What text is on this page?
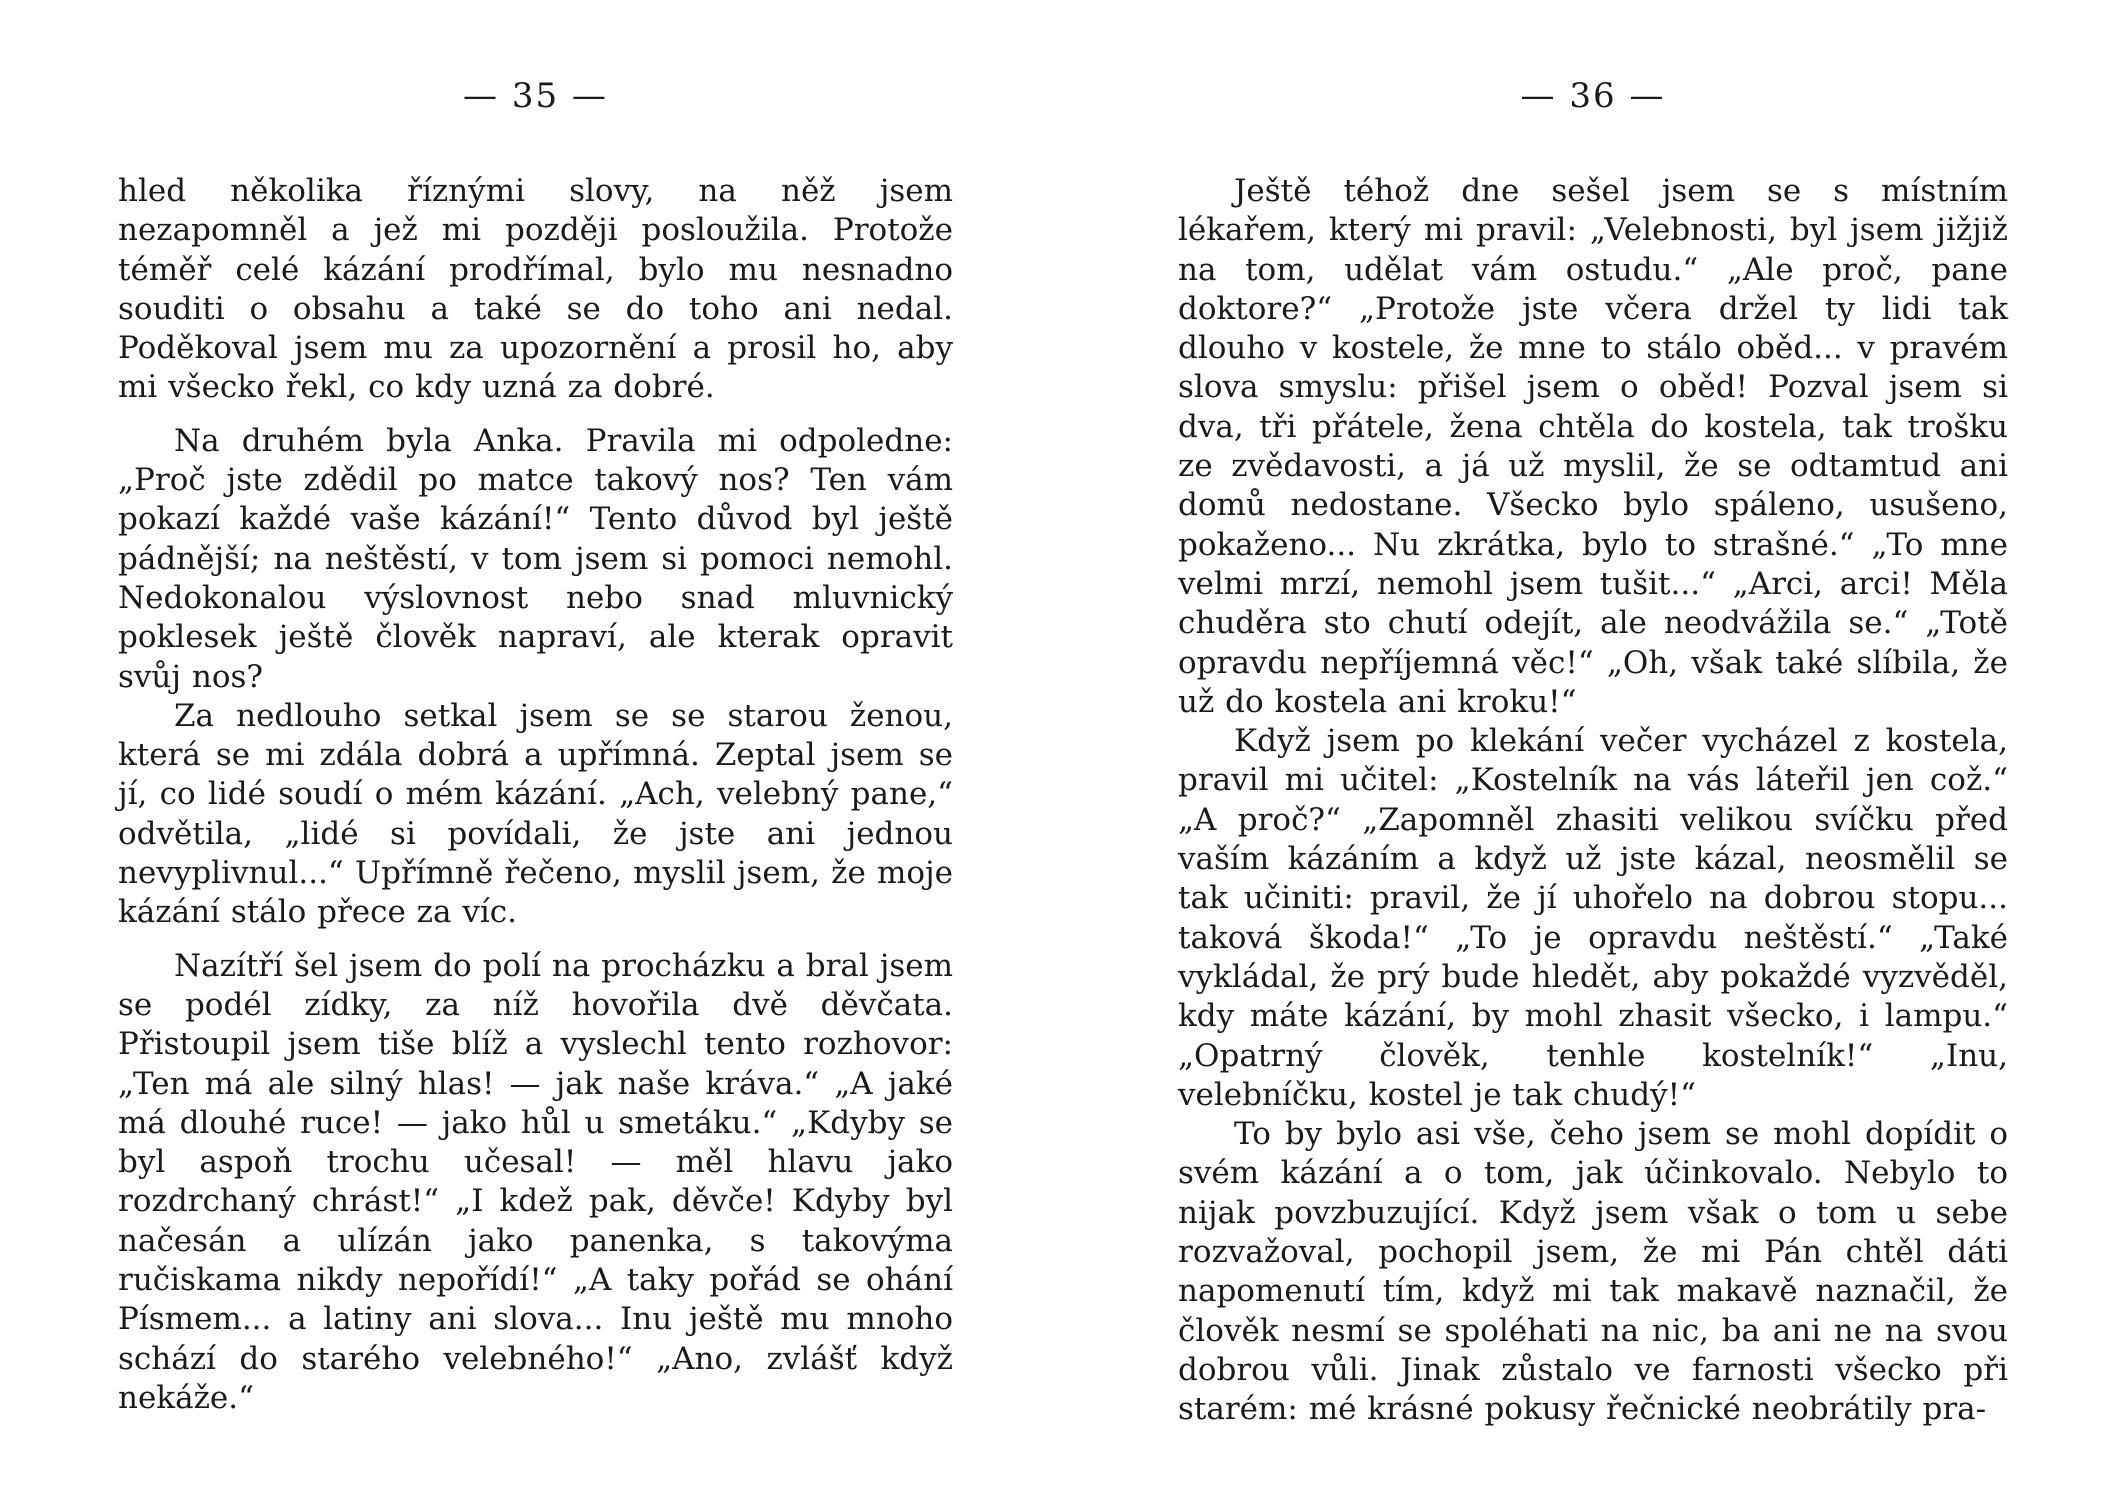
— 35 —

hled několika říznými slovy, na něž jsem nezapomněl a jež mi později posloužila. Protože téměř celé kázání prodřímal, bylo mu nesnadno souditi o obsahu a také se do toho ani nedal. Poděkoval jsem mu za upozornění a prosil ho, aby mi všecko řekl, co kdy uzná za dobré.

Na druhém byla Anka. Pravila mi odpoledne: „Proč jste zdědil po matce takový nos? Ten vám pokazí každé vaše kázání!“ Tento důvod byl ještě pádnější; na neštěstí, v tom jsem si pomoci nemohl. Nedokonalou výslovnost nebo snad mluvnický poklesek ještě člověk napraví, ale kterak opravit svůj nos?

Za nedlouho setkal jsem se se starou ženou, která se mi zdála dobrá a upřímná. Zeptal jsem se jí, co lidé soudí o mém kázání. „Ach, velebný pane,“ odvětila, „lidé si povídali, že jste ani jednou nevyplivnul...“ Upřímně řečeno, myslil jsem, že moje kázání stálo přece za víc.

Nazítří šel jsem do polí na procházku a bral jsem se podél zídky, za níž hovořila dvě děvčata. Přistoupil jsem tiše blíž a vyslechl tento rozhovor: „Ten má ale silný hlas! — jak naše kráva.“ „A jaké má dlouhé ruce! — jako hůl u smetáku.“ „Kdyby se byl aspoň trochu učesal! — měl hlavu jako rozdrchaný chrást!“ „I kdež pak, děvče! Kdyby byl načesán a ulízán jako panenka, s takovýma ručiskama nikdy nepořídí!“ „A taky pořád se ohání Písmem... a latiny ani slova... Inu ještě mu mnoho schází do starého velebného!“ „Ano, zvlášť když nekáže.“

— 36 —

Ještě téhož dne sešel jsem se s místním lékařem, který mi pravil: „Velebnosti, byl jsem jižjiž na tom, udělat vám ostudu.“ „Ale proč, pane doktore?“ „Protože jste včera držel ty lidi tak dlouho v kostele, že mne to stálo oběd... v pravém slova smyslu: přišel jsem o oběd! Pozval jsem si dva, tři přátele, žena chtěla do kostela, tak trošku ze zvědavosti, a já už myslil, že se odtamtud ani domů nedostane. Všecko bylo spáleno, usušeno, pokaženo... Nu zkrátka, bylo to strašné.“ „To mne velmi mrzí, nemohl jsem tušit...“ „Arci, arci! Měla chuděra sto chutí odejít, ale neodvážila se.“ „Totě opravdu nepříjemná věc!“ „Oh, však také slíbila, že už do kostela ani kroku!“

Když jsem po klekání večer vycházel z kostela, pravil mi učitel: „Kostelník na vás láteřil jen což.“ „A proč?“ „Zapomněl zhasiti velikou svíčku před vaším kázáním a když už jste kázal, neosmělil se tak učiniti: pravil, že jí uhořelo na dobrou stopu... taková škoda!“ „To je opravdu neštěstí.“ „Také vykládal, že prý bude hledět, aby pokaždé vyzvěděl, kdy máte kázání, by mohl zhasit všecko, i lampu.“ „Opatrný člověk, tenhle kostelník!“ „Inu, velebníčku, kostel je tak chudý!“

To by bylo asi vše, čeho jsem se mohl dopídit o svém kázání a o tom, jak účinkovalo. Nebylo to nijak povzbuzující. Když jsem však o tom u sebe rozvažoval, pochopil jsem, že mi Pán chtěl dáti napomenutí tím, když mi tak makavě naznačil, že člověk nesmí se spoléhati na nic, ba ani ne na svou dobrou vůli. Jinak zůstalo ve farnosti všecko při starém: mé krásné pokusy řečnické neobrátily pra-
